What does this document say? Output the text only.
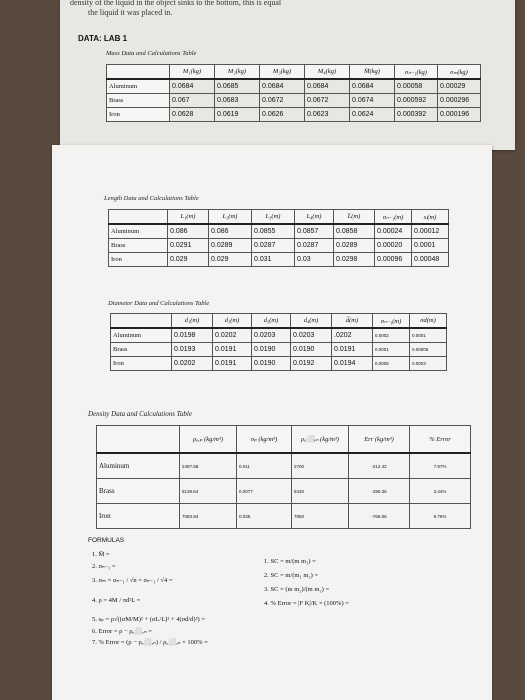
density of the liquid in the object sinks to the bottom, this is equal
the liquid it was placed in.
DATA: LAB 1
Mass Data and Calculations Table
	M₁(kg)	M₂(kg)	M₃(kg)	M₄(kg)	M̅(kg)	σₙ₋₁(kg)	σₘ(kg)
Aluminum	0.0684	0.0685	0.0684	0.0684	0.0684	0.00058	0.00029
Brass	0.067	0.0683	0.0672	0.0672	0.0674	0.000592	0.000296
Iron	0.0628	0.0619	0.0626	0.0623	0.0624	0.000392	0.000196
Length Data and Calculations Table
	L₁(m)	L₂(m)	L₃(m)	L₄(m)	L̅(m)	σₙ₋₁(m)	sₗ(m)
Aluminum	0.086	0.086	0.0855	0.0857	0.0858	0.00024	0.00012
Brass	0.0291	0.0289	0.0287	0.0287	0.0289	0.00020	0.0001
Iron	0.029	0.029	0.031	0.03	0.0298	0.00096	0.00048
Diameter Data and Calculations Table
	d₁(m)	d₂(m)	d₃(m)	d₄(m)	d̅(m)	σₙ₋₁(m)	σd(m)
Aluminum	0.0198	0.0202	0.0203	0.0203	.0202	0.0002	0.0001
Brass	0.0193	0.0191	0.0190	0.0190	0.0191	0.0001	0.00005
Iron	0.0202	0.0191	0.0190	0.0192	0.0194	0.0006	0.0003
Density Data and Calculations Table
	ρₑₓₚ (kg/m³)	σₚ (kg/m³)	ρₐ⬜ₑₙ (kg/m³)	Err (kg/m³)	% Error
Aluminum	2487.58	0.011	2700	-212.42	7.87%
Brass	8139.64	0.0077	8430	-290.36	3.44%
Iron	7083.94	0.035	7850	-766.06	9.76%
FORMULAS
1. M̅ =
2. σₙ₋₁ =
3. σₘ = σₙ₋₁ / √n = σₙ₋₁ / √4 =
4. ρ = 4M / πd²L =
5. sₚ = ρ√((σM/M)² + (σL/L)² + 4(σd/d)²) =
6. Error = ρ − ρₐ⬜ₑₙ =
7. % Error = (ρ − ρₐ⬜ₑₙ) / ρₐ⬜ₑₙ × 100% =
1. SC = m/(m m₁) =
2. SC = m/(m₁ m₂) =
3. SC = (m m₂)/(m m₂) =
4. % Error = |F K|/K × (100%) =
